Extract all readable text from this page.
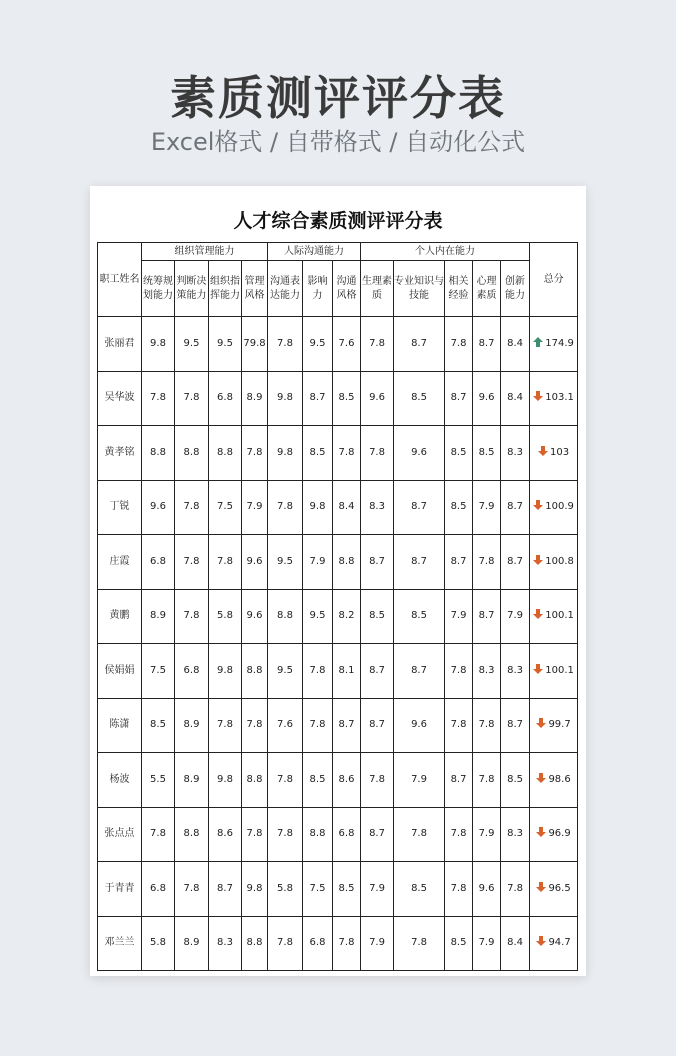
素质测评评分表
Excel格式 / 自带格式 / 自动化公式
人才综合素质测评评分表
职工姓名	组织管理能力				人际沟通能力			个人内在能力					总分
	统筹规划能力	判断决策能力	组织指挥能力	管理风格	沟通表达能力	影响力	沟通风格	生理素质	专业知识与技能	相关经验	心理素质	创新能力	
张丽君	9.8	9.5	9.5	79.8	7.8	9.5	7.6	7.8	8.7	7.8	8.7	8.4	174.9
吴华波	7.8	7.8	6.8	8.9	9.8	8.7	8.5	9.6	8.5	8.7	9.6	8.4	103.1
黄孝铭	8.8	8.8	8.8	7.8	9.8	8.5	7.8	7.8	9.6	8.5	8.5	8.3	103
丁锐	9.6	7.8	7.5	7.9	7.8	9.8	8.4	8.3	8.7	8.5	7.9	8.7	100.9
庄霞	6.8	7.8	7.8	9.6	9.5	7.9	8.8	8.7	8.7	8.7	7.8	8.7	100.8
黄鹏	8.9	7.8	5.8	9.6	8.8	9.5	8.2	8.5	8.5	7.9	8.7	7.9	100.1
侯娟娟	7.5	6.8	9.8	8.8	9.5	7.8	8.1	8.7	8.7	7.8	8.3	8.3	100.1
陈潇	8.5	8.9	7.8	7.8	7.6	7.8	8.7	8.7	9.6	7.8	7.8	8.7	99.7
杨波	5.5	8.9	9.8	8.8	7.8	8.5	8.6	7.8	7.9	8.7	7.8	8.5	98.6
张点点	7.8	8.8	8.6	7.8	7.8	8.8	6.8	8.7	7.8	7.8	7.9	8.3	96.9
于青青	6.8	7.8	8.7	9.8	5.8	7.5	8.5	7.9	8.5	7.8	9.6	7.8	96.5
邓兰兰	5.8	8.9	8.3	8.8	7.8	6.8	7.8	7.9	7.8	8.5	7.9	8.4	94.7
